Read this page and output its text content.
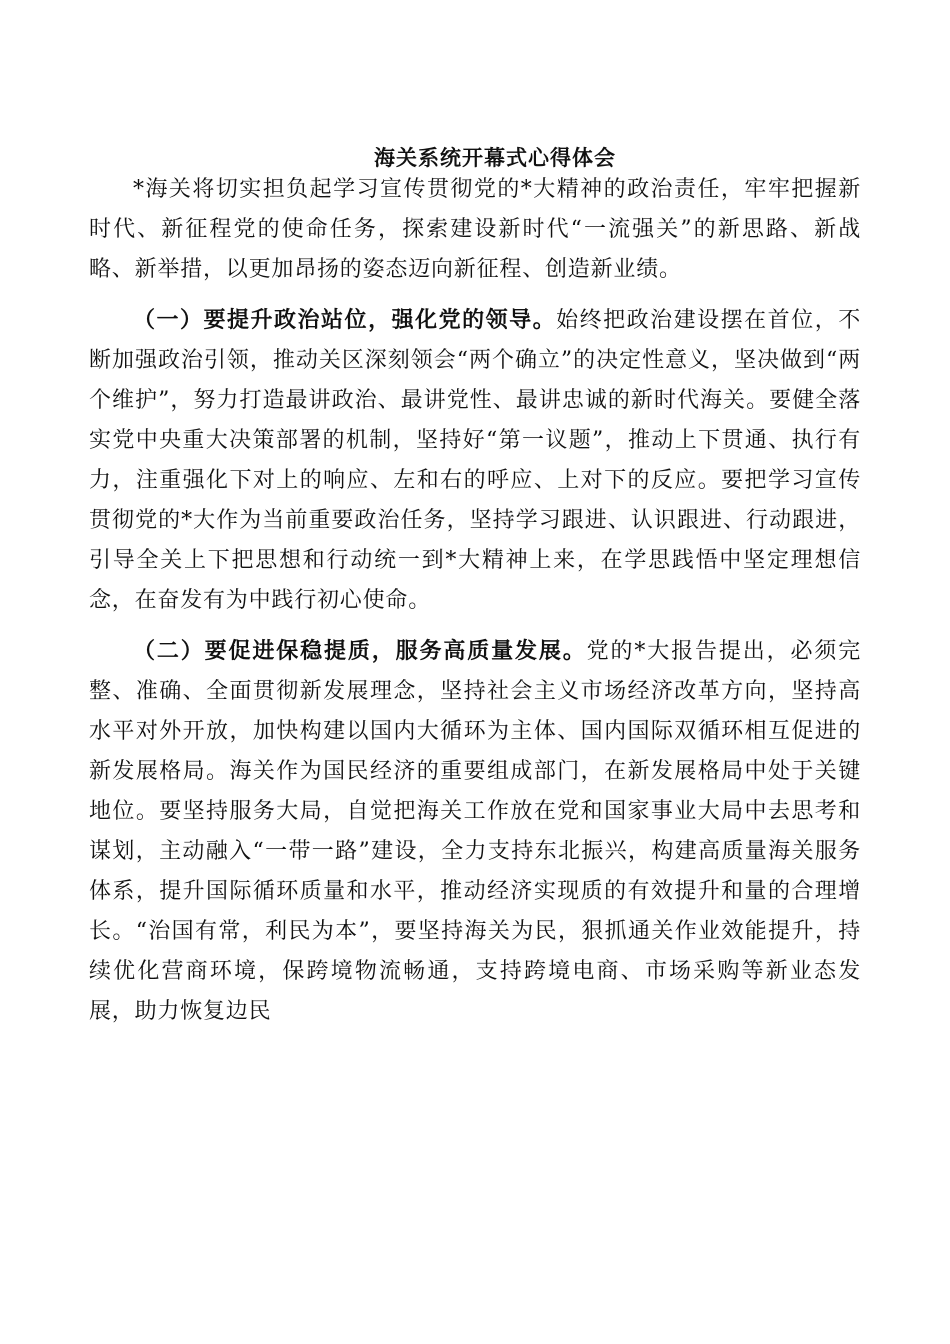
海关系统开幕式心得体会

*海关将切实担负起学习宣传贯彻党的*大精神的政治责任，牢牢把握新时代、新征程党的使命任务，探索建设新时代“一流强关”的新思路、新战略、新举措，以更加昂扬的姿态迈向新征程、创造新业绩。

（一）要提升政治站位，强化党的领导。始终把政治建设摆在首位，不断加强政治引领，推动关区深刻领会“两个确立”的决定性意义，坚决做到“两个维护”，努力打造最讲政治、最讲党性、最讲忠诚的新时代海关。要健全落实党中央重大决策部署的机制，坚持好“第一议题”，推动上下贯通、执行有力，注重强化下对上的响应、左和右的呼应、上对下的反应。要把学习宣传贯彻党的*大作为当前重要政治任务，坚持学习跟进、认识跟进、行动跟进，引导全关上下把思想和行动统一到*大精神上来，在学思践悟中坚定理想信念，在奋发有为中践行初心使命。

（二）要促进保稳提质，服务高质量发展。党的*大报告提出，必须完整、准确、全面贯彻新发展理念，坚持社会主义市场经济改革方向，坚持高水平对外开放，加快构建以国内大循环为主体、国内国际双循环相互促进的新发展格局。海关作为国民经济的重要组成部门，在新发展格局中处于关键地位。要坚持服务大局，自觉把海关工作放在党和国家事业大局中去思考和谋划，主动融入“一带一路”建设，全力支持东北振兴，构建高质量海关服务体系，提升国际循环质量和水平，推动经济实现质的有效提升和量的合理增长。“治国有常，利民为本”，要坚持海关为民，狠抓通关作业效能提升，持续优化营商环境，保跨境物流畅通，支持跨境电商、市场采购等新业态发展，助力恢复边民
